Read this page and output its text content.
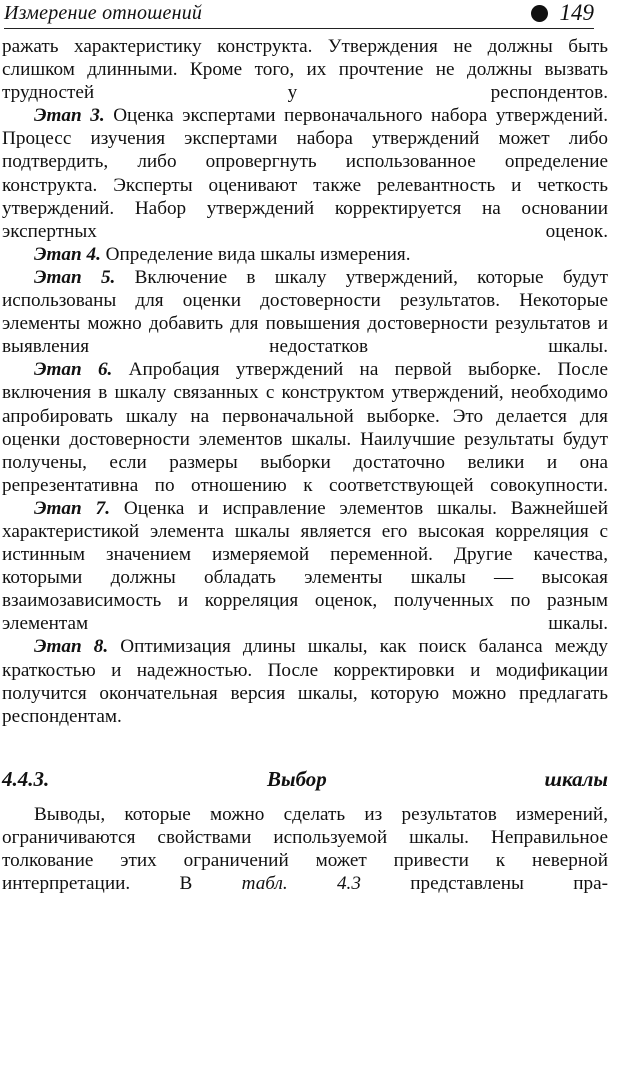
Измерение отношений	149

ражать характеристику конструкта. Утверждения не должны быть слишком длинными. Кроме того, их прочтение не должны вызвать трудностей у респондентов.

Этап 3. Оценка экспертами первоначального набора утверждений. Процесс изучения экспертами набора утверждений может либо подтвердить, либо опровергнуть использованное определение конструкта. Эксперты оценивают также релевантность и четкость утверждений. Набор утверждений корректируется на основании экспертных оценок.

Этап 4. Определение вида шкалы измерения.

Этап 5. Включение в шкалу утверждений, которые будут использованы для оценки достоверности результатов. Некоторые элементы можно добавить для повышения достоверности результатов и выявления недостатков шкалы.

Этап 6. Апробация утверждений на первой выборке. После включения в шкалу связанных с конструктом утверждений, необходимо апробировать шкалу на первоначальной выборке. Это делается для оценки достоверности элементов шкалы. Наилучшие результаты будут получены, если размеры выборки достаточно велики и она репрезентативна по отношению к соответствующей совокупности.

Этап 7. Оценка и исправление элементов шкалы. Важнейшей характеристикой элемента шкалы является его высокая корреляция с истинным значением измеряемой переменной. Другие качества, которыми должны обладать элементы шкалы — высокая взаимозависимость и корреляция оценок, полученных по разным элементам шкалы.

Этап 8. Оптимизация длины шкалы, как поиск баланса между краткостью и надежностью. После корректировки и модификации получится окончательная версия шкалы, которую можно предлагать респондентам.

4.4.3. Выбор шкалы

Выводы, которые можно сделать из результатов измерений, ограничиваются свойствами используемой шкалы. Неправильное толкование этих ограничений может привести к неверной интерпретации. В табл. 4.3 представлены пра-
